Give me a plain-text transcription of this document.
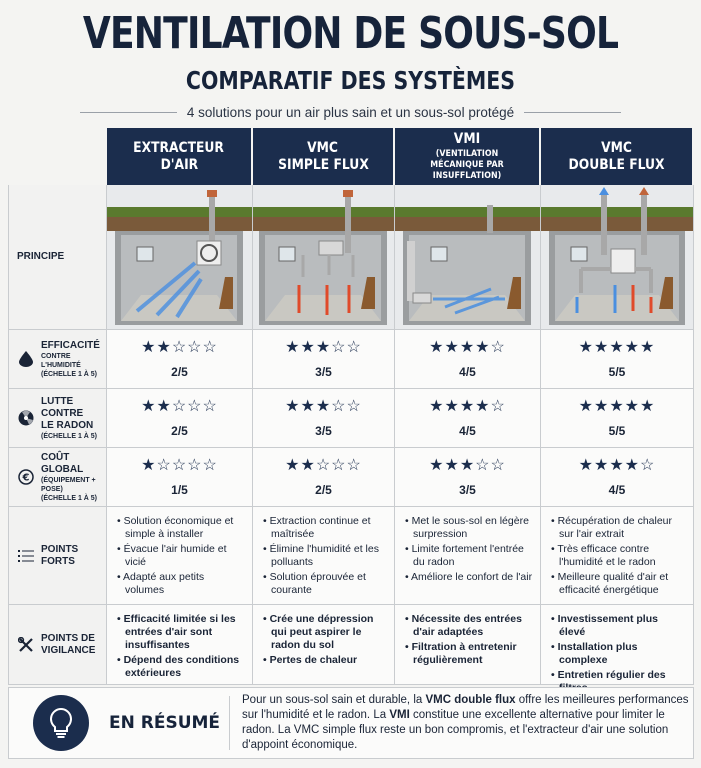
VENTILATION DE SOUS-SOL
COMPARATIF DES SYSTÈMES
4 solutions pour un air plus sain et un sous-sol protégé
EXTRACTEUR
D'AIR
VMC
SIMPLE FLUX
VMI
(VENTILATION MÉCANIQUE PAR INSUFFLATION)
VMC
DOUBLE FLUX
PRINCIPE
EFFICACITÉ
CONTRE L'HUMIDITÉ
(ÉCHELLE 1 À 5)
★★☆☆☆
2/5
★★★☆☆
3/5
★★★★☆
4/5
★★★★★
5/5
LUTTE CONTRE
LE RADON
(ÉCHELLE 1 À 5)
★★☆☆☆
2/5
★★★☆☆
3/5
★★★★☆
4/5
★★★★★
5/5
€
COÛT GLOBAL
(ÉQUIPEMENT + POSE)
(ÉCHELLE 1 À 5)
★☆☆☆☆
1/5
★★☆☆☆
2/5
★★★☆☆
3/5
★★★★☆
4/5
POINTS FORTS
• Solution économique et simple à installer
• Évacue l'air humide et vicié
• Adapté aux petits volumes
• Extraction continue et maîtrisée
• Élimine l'humidité et les polluants
• Solution éprouvée et courante
• Met le sous-sol en légère surpression
• Limite fortement l'entrée du radon
• Améliore le confort de l'air
• Récupération de chaleur sur l'air extrait
• Très efficace contre l'humidité et le radon
• Meilleure qualité d'air et efficacité énergétique
POINTS DE
VIGILANCE
• Efficacité limitée si les entrées d'air sont insuffisantes
• Dépend des conditions extérieures
• Crée une dépression qui peut aspirer le radon du sol
• Pertes de chaleur
• Nécessite des entrées d'air adaptées
• Filtration à entretenir régulièrement
• Investissement plus élevé
• Installation plus complexe
• Entretien régulier des
EN RÉSUMÉ
Pour un sous-sol sain et durable, la VMC double flux offre les meilleures performances sur l'humidité et le radon. La VMI constitue une excellente alternative pour limiter le radon. La VMC simple flux reste un bon compromis, et l'extracteur d'air une solution d'appoint économique.
